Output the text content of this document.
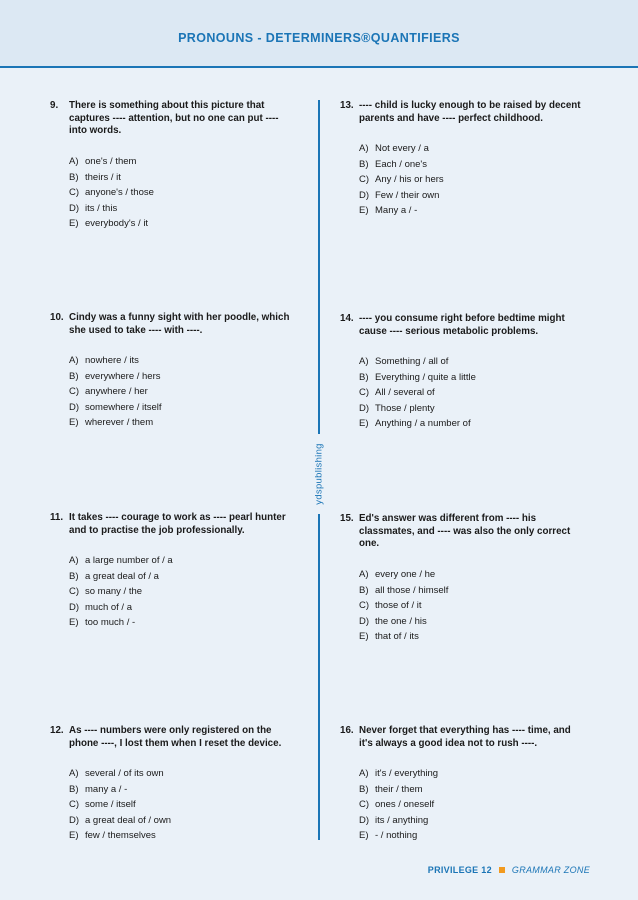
PRONOUNS - DETERMINERS®QUANTIFIERS
ydspublishing
9.	There is something about this picture that captures ---- attention, but no one can put ---- into words.
A) one's / them
B) theirs / it
C) anyone's / those
D) its / this
E) everybody's / it
10. Cindy was a funny sight with her poodle, which she used to take ---- with ----.
A) nowhere / its
B) everywhere / hers
C) anywhere / her
D) somewhere / itself
E) wherever / them
11. It takes ---- courage to work as ---- pearl hunter and to practise the job professionally.
A) a large number of / a
B) a great deal of / a
C) so many / the
D) much of / a
E) too much / -
12. As ---- numbers were only registered on the phone ----, I lost them when I reset the device.
A) several / of its own
B) many a / -
C) some / itself
D) a great deal of / own
E) few / themselves
13. ---- child is lucky enough to be raised by decent parents and have ---- perfect childhood.
A) Not every / a
B) Each / one's
C) Any / his or hers
D) Few / their own
E) Many a / -
14. ---- you consume right before bedtime might cause ---- serious metabolic problems.
A) Something / all of
B) Everything / quite a little
C) All / several of
D) Those / plenty
E) Anything / a number of
15. Ed's answer was different from ---- his classmates, and ---- was also the only correct one.
A) every one / he
B) all those / himself
C) those of / it
D) the one / his
E) that of / its
16. Never forget that everything has ---- time, and it's always a good idea not to rush ----.
A) it's / everything
B) their / them
C) ones / oneself
D) its / anything
E) - / nothing
PRIVILEGE 12 GRAMMAR ZONE
